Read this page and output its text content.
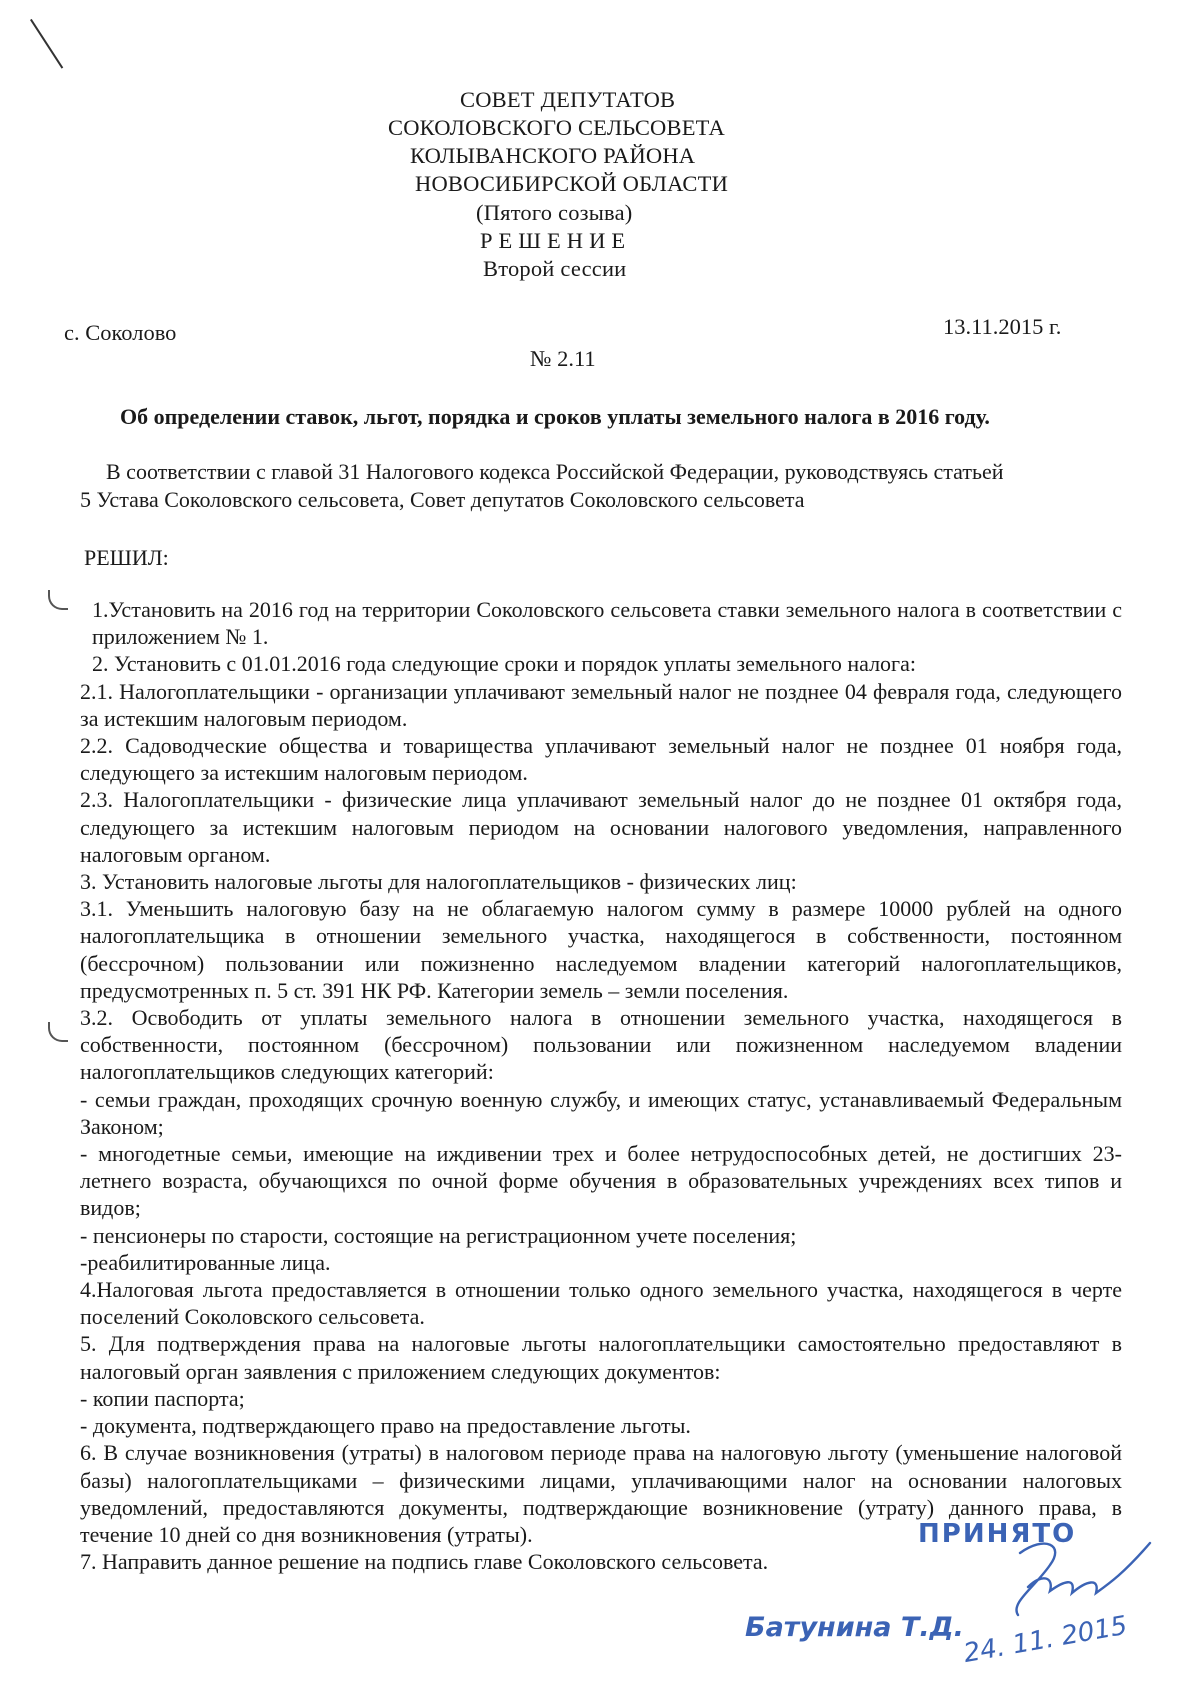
СОВЕТ ДЕПУТАТОВ
СОКОЛОВСКОГО СЕЛЬСОВЕТА
КОЛЫВАНСКОГО РАЙОНА
НОВОСИБИРСКОЙ ОБЛАСТИ
(Пятого созыва)
Р Е Ш Е Н И Е
Второй сессии
с. Соколово	13.11.2015 г.
№ 2.11
Об определении ставок, льгот, порядка и сроков уплаты земельного налога в 2016 году.
В соответствии с главой 31 Налогового кодекса Российской Федерации, руководствуясь статьей
5 Устава Соколовского сельсовета, Совет депутатов Соколовского сельсовета
РЕШИЛ:

1.Установить на 2016 год на территории Соколовского сельсовета ставки земельного налога в соответствии с приложением № 1.

2. Установить с 01.01.2016 года следующие сроки и порядок уплаты земельного налога:

2.1. Налогоплательщики - организации уплачивают земельный налог не позднее 04 февраля года, следующего за истекшим налоговым периодом.

2.2. Садоводческие общества и товарищества уплачивают земельный налог не позднее 01 ноября года, следующего за истекшим налоговым периодом.

2.3. Налогоплательщики - физические лица уплачивают земельный налог до не позднее 01 октября года, следующего за истекшим налоговым периодом на основании налогового уведомления, направленного налоговым органом.

3. Установить налоговые льготы для налогоплательщиков - физических лиц:

3.1. Уменьшить налоговую базу на не облагаемую налогом сумму в размере 10000 рублей на одного налогоплательщика в отношении земельного участка, находящегося в собственности, постоянном (бессрочном) пользовании или пожизненно наследуемом владении категорий налогоплательщиков, предусмотренных п. 5 ст. 391 НК РФ. Категории земель – земли поселения.

3.2. Освободить от уплаты земельного налога в отношении земельного участка, находящегося в собственности, постоянном (бессрочном) пользовании или пожизненном наследуемом владении налогоплательщиков следующих категорий:

- семьи граждан, проходящих срочную военную службу, и имеющих статус, устанавливаемый Федеральным Законом;

- многодетные семьи, имеющие на иждивении трех и более нетрудоспособных детей, не достигших 23- летнего возраста, обучающихся по очной форме обучения в образовательных учреждениях всех типов и видов;

- пенсионеры по старости, состоящие на регистрационном учете поселения;

-реабилитированные лица.

4.Налоговая льгота предоставляется в отношении только одного земельного участка, находящегося в черте поселений Соколовского сельсовета.

5. Для подтверждения права на налоговые льготы налогоплательщики самостоятельно предоставляют в налоговый орган заявления с приложением следующих документов:

- копии паспорта;

- документа, подтверждающего право на предоставление льготы.

6. В случае возникновения (утраты) в налоговом периоде права на налоговую льготу (уменьшение налоговой базы) налогоплательщиками – физическими лицами, уплачивающими налог на основании налоговых уведомлений, предоставляются документы, подтверждающие возникновение (утрату) данного права, в течение 10 дней со дня возникновения (утраты).

7. Направить данное решение на подпись главе Соколовского сельсовета.

ПРИНЯТО
Батунина Т.Д.
24. 11. 2015
